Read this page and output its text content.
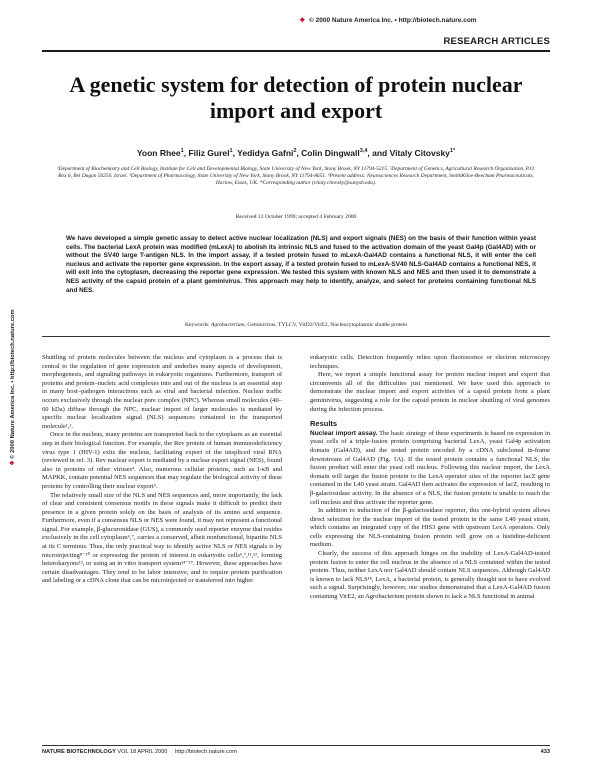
❖ © 2000 Nature America Inc. • http://biotech.nature.com
RESEARCH ARTICLES
A genetic system for detection of protein nuclear import and export
Yoon Rhee$^1$, Filiz Gurel$^1$, Yedidya Gafni$^2$, Colin Dingwall$^{3,4}$, and Vitaly Citovsky$^{1*}$
¹Department of Biochemistry and Cell Biology, Institute for Cell and Developmental Biology, State University of New York, Stony Brook, NY 11794-5215. ²Department of Genetics, Agricultural Research Organization, P.O. Box 6, Bet Dagan 50250, Israel. ³Department of Pharmacology, State University of New York, Stony Brook, NY 11794-8651. ⁴Present address: Neurosciences Research Department, SmithKline-Beecham Pharmaceuticals, Harlow, Essex, UK. *Corresponding author (vitaly.citovsky@sunysb.edu).
Received 13 October 1999; accepted 4 February 2000
We have developed a simple genetic assay to detect active nuclear localization (NLS) and export signals (NES) on the basis of their function within yeast cells. The bacterial LexA protein was modified (mLexA) to abolish its intrinsic NLS and fused to the activation domain of the yeast Gal4p (Gal4AD) with or without the SV40 large T-antigen NLS. In the import assay, if a tested protein fused to mLexA-Gal4AD contains a functional NLS, it will enter the cell nucleus and activate the reporter gene expression. In the export assay, if a tested protein fused to mLexA-SV40 NLS-Gal4AD contains a functional NES, it will exit into the cytoplasm, decreasing the reporter gene expression. We tested this system with known NLS and NES and then used it to demonstrate a NES activity of the capsid protein of a plant geminivirus. This approach may help to identify, analyze, and select for proteins containing functional NLS and NES.
Keywords: Agrobacterium, Geminivirus, TYLCV, VirD2/VirE2, Nucleocytoplasmic shuttle protein
❖ © 2000 Nature America Inc. • http://biotech.nature.com	Shuttling of protein molecules between the nucleus and cytoplasm is a process that is central to the regulation of gene expression and underlies many aspects of development, morphogenesis, and signaling pathways in eukaryotic organisms. Furthermore, transport of proteins and protein–nucleic acid complexes into and out of the nucleus is an essential step in many host–pathogen interactions such as viral and bacterial infection. Nuclear traffic occurs exclusively through the nuclear pore complex (NPC). Whereas small molecules (40–60 kDa) diffuse through the NPC, nuclear import of larger molecules is mediated by specific nuclear localization signal (NLS) sequences contained in the transported molecule¹,².

Once in the nucleus, many proteins are transported back to the cytoplasm as an essential step in their biological function. For example, the Rev protein of human immunodeficiency virus type 1 (HIV-1) exits the nucleus, facilitating export of the unspliced viral RNA (reviewed in ref. 3). Rev nuclear export is mediated by a nuclear export signal (NES), found also in proteins of other viruses⁴. Also, numerous cellular proteins, such as I-κB and MAPKK, contain potential NES sequences that may regulate the biological activity of these proteins by controlling their nuclear export⁵.

The relatively small size of the NLS and NES sequences and, more importantly, the lack of clear and consistent consensus motifs in these signals make it difficult to predict their presence in a given protein solely on the basis of analysis of its amino acid sequence. Furthermore, even if a consensus NLS or NES were found, it may not represent a functional signal. For example, β-glucuronidase (GUS), a commonly used reporter enzyme that resides exclusively in the cell cytoplasm⁶,⁷, carries a conserved, albeit nonfunctional, bipartite NLS at its C terminus. Thus, the only practical way to identify active NLS or NES signals is by microinjecting⁸⁻¹⁰ or expressing the protein of interest in eukaryotic cells⁶,⁷,¹¹,¹², forming heterokaryons¹³, or using an in vitro transport system¹⁴⁻¹⁷. However, these approaches have certain disadvantages. They tend to be labor intensive, and to require protein purification and labeling or a cDNA clone that can be microinjected or transferred into higher

eukaryotic cells. Detection frequently relies upon fluorescence or electron microscopy techniques.

Here, we report a simple functional assay for protein nuclear import and export that circumvents all of the difficulties just mentioned. We have used this approach to demonstrate the nuclear import and export activities of a capsid protein from a plant geminivirus, suggesting a role for the capsid protein in nuclear shuttling of viral genomes during the infection process.

Results

Nuclear import assay. The basic strategy of these experiments is based on expression in yeast cells of a triple-fusion protein comprising bacterial LexA, yeast Gal4p activation domain (Gal4AD), and the tested protein encoded by a cDNA subcloned in-frame downstream of Gal4AD (Fig. 1A). If the tested protein contains a functional NLS, the fusion product will enter the yeast cell nucleus. Following this nuclear import, the LexA domain will target the fusion protein to the LexA operator sites of the reporter lacZ gene contained in the L40 yeast strain. Gal4AD then activates the expression of lacZ, resulting in β-galactosidase activity. In the absence of a NLS, the fusion protein is unable to reach the cell nucleus and thus activate the reporter gene.

In addition to induction of the β-galactosidase reporter, this one-hybrid system allows direct selection for the nuclear import of the tested protein in the same L40 yeast strain, which contains an integrated copy of the HIS3 gene with upstream LexA operators. Only cells expressing the NLS-containing fusion protein will grow on a histidine-deficient medium.

Clearly, the success of this approach hinges on the inability of LexA-Gal4AD-tested protein fusion to enter the cell nucleus in the absence of a NLS contained within the tested protein. Thus, neither LexA nor Gal4AD should contain NLS sequences. Although Gal4AD is known to lack NLS¹⁸, LexA, a bacterial protein, is generally thought not to have evolved such a signal. Surprisingly, however, our studies demonstrated that a LexA-Gal4AD fusion containing VirE2, an Agrobacterium protein shown to lack a NLS functional in animal

NATURE BIOTECHNOLOGY VOL 18 APRIL 2000 http://biotech.nature.com	433
